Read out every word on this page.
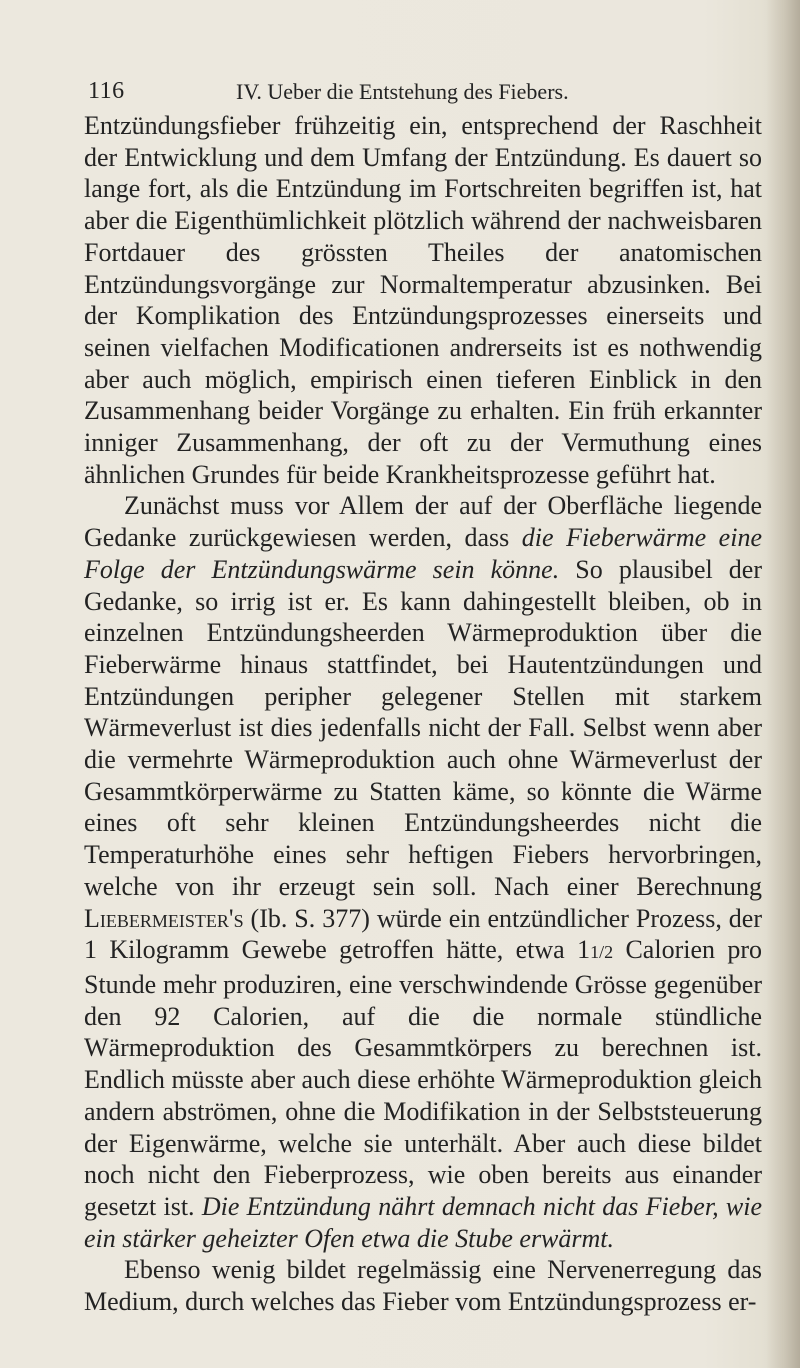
116	IV. Ueber die Entstehung des Fiebers.

Entzündungsfieber frühzeitig ein, entsprechend der Raschheit der Entwicklung und dem Umfang der Entzündung. Es dauert so lange fort, als die Entzündung im Fortschreiten begriffen ist, hat aber die Eigenthümlichkeit plötzlich während der nachweisbaren Fortdauer des grössten Theiles der anatomischen Entzündungsvorgänge zur Normaltemperatur abzusinken. Bei der Komplikation des Entzündungsprozesses einerseits und seinen vielfachen Modificationen andrerseits ist es nothwendig aber auch möglich, empirisch einen tieferen Einblick in den Zusammenhang beider Vorgänge zu erhalten. Ein früh erkannter inniger Zusammenhang, der oft zu der Vermuthung eines ähnlichen Grundes für beide Krankheitsprozesse geführt hat.

Zunächst muss vor Allem der auf der Oberfläche liegende Gedanke zurückgewiesen werden, dass die Fieberwärme eine Folge der Entzündungswärme sein könne. So plausibel der Gedanke, so irrig ist er. Es kann dahingestellt bleiben, ob in einzelnen Entzündungsheerden Wärmeproduktion über die Fieberwärme hinaus stattfindet, bei Hautentzündungen und Entzündungen peripher gelegener Stellen mit starkem Wärmeverlust ist dies jedenfalls nicht der Fall. Selbst wenn aber die vermehrte Wärmeproduktion auch ohne Wärmeverlust der Gesammtkörperwärme zu Statten käme, so könnte die Wärme eines oft sehr kleinen Entzündungsheerdes nicht die Temperaturhöhe eines sehr heftigen Fiebers hervorbringen, welche von ihr erzeugt sein soll. Nach einer Berechnung Liebermeister's (Ib. S. 377) würde ein entzündlicher Prozess, der 1 Kilogramm Gewebe getroffen hätte, etwa 11/2 Calorien pro Stunde mehr produziren, eine verschwindende Grösse gegenüber den 92 Calorien, auf die die normale stündliche Wärmeproduktion des Gesammtkörpers zu berechnen ist. Endlich müsste aber auch diese erhöhte Wärmeproduktion gleich andern abströmen, ohne die Modifikation in der Selbststeuerung der Eigenwärme, welche sie unterhält. Aber auch diese bildet noch nicht den Fieberprozess, wie oben bereits aus einander gesetzt ist. Die Entzündung nährt demnach nicht das Fieber, wie ein stärker geheizter Ofen etwa die Stube erwärmt.

Ebenso wenig bildet regelmässig eine Nervenerregung das Medium, durch welches das Fieber vom Entzündungsprozess er-
